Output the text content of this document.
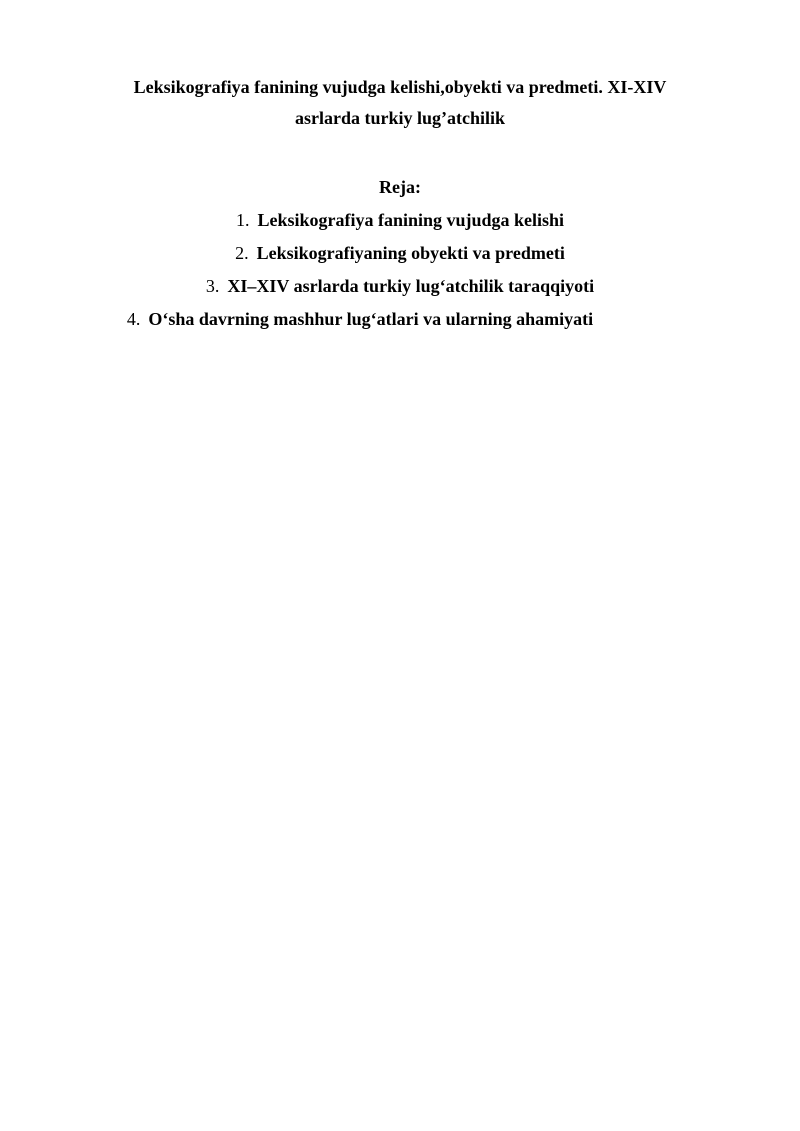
Leksikografiya fanining vujudga kelishi,obyekti va predmeti. XI-XIV
asrlarda turkiy lug’atchilik
Reja:
1. Leksikografiya fanining vujudga kelishi
2. Leksikografiyaning obyekti va predmeti
3. XI–XIV asrlarda turkiy lug‘atchilik taraqqiyoti
4. O‘sha davrning mashhur lug‘atlari va ularning ahamiyati
